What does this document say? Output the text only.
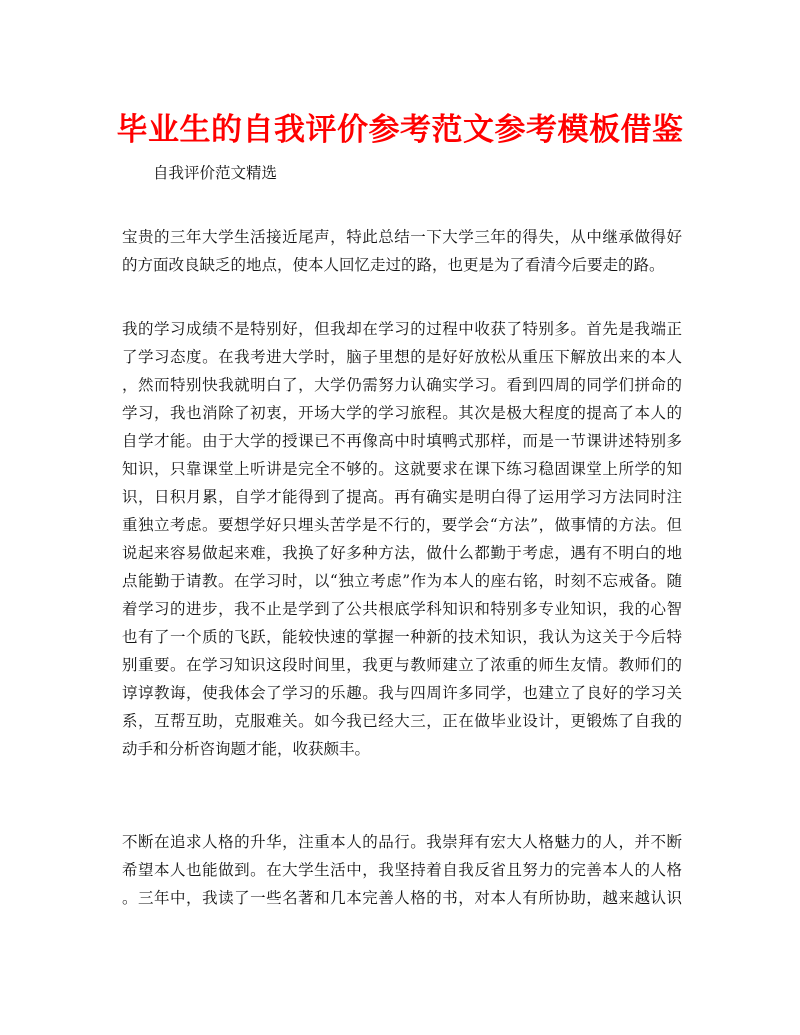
毕业生的自我评价参考范文参考模板借鉴
自我评价范文精选
宝贵的三年大学生活接近尾声，特此总结一下大学三年的得失，从中继承做得好
的方面改良缺乏的地点，使本人回忆走过的路，也更是为了看清今后要走的路。
我的学习成绩不是特别好，但我却在学习的过程中收获了特别多。首先是我端正
了学习态度。在我考进大学时，脑子里想的是好好放松从重压下解放出来的本人
，然而特别快我就明白了，大学仍需努力认确实学习。看到四周的同学们拼命的
学习，我也消除了初衷，开场大学的学习旅程。其次是极大程度的提高了本人的
自学才能。由于大学的授课已不再像高中时填鸭式那样，而是一节课讲述特别多
知识，只靠课堂上听讲是完全不够的。这就要求在课下练习稳固课堂上所学的知
识，日积月累，自学才能得到了提高。再有确实是明白得了运用学习方法同时注
重独立考虑。要想学好只埋头苦学是不行的，要学会“方法”，做事情的方法。但
说起来容易做起来难，我换了好多种方法，做什么都勤于考虑，遇有不明白的地
点能勤于请教。在学习时，以“独立考虑”作为本人的座右铭，时刻不忘戒备。随
着学习的进步，我不止是学到了公共根底学科知识和特别多专业知识，我的心智
也有了一个质的飞跃，能较快速的掌握一种新的技术知识，我认为这关于今后特
别重要。在学习知识这段时间里，我更与教师建立了浓重的师生友情。教师们的
谆谆教诲，使我体会了学习的乐趣。我与四周许多同学，也建立了良好的学习关
系，互帮互助，克服难关。如今我已经大三，正在做毕业设计，更锻炼了自我的
动手和分析咨询题才能，收获颇丰。
不断在追求人格的升华，注重本人的品行。我崇拜有宏大人格魅力的人，并不断
希望本人也能做到。在大学生活中，我坚持着自我反省且努力的完善本人的人格
。三年中，我读了一些名著和几本完善人格的书，对本人有所协助，越来越认识
